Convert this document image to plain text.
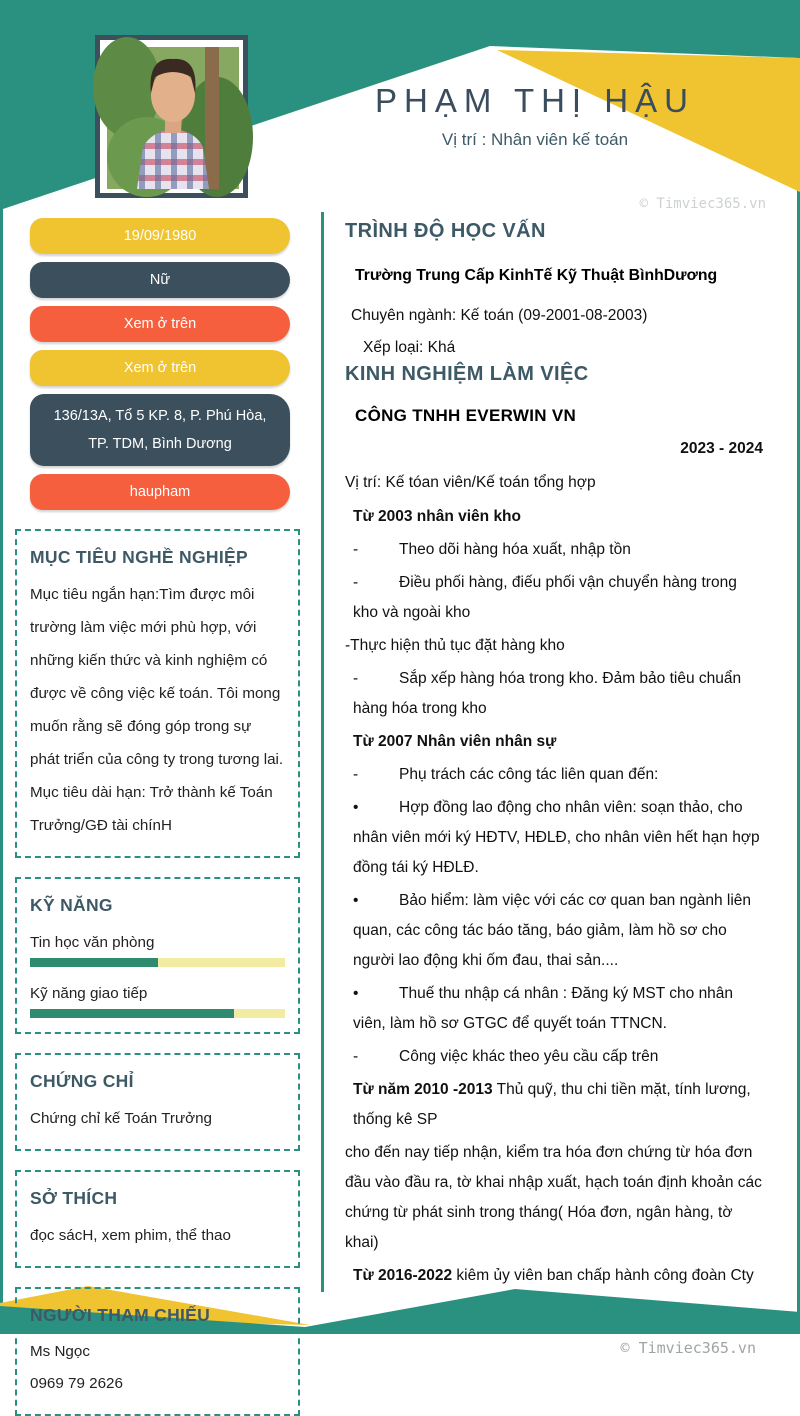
PHẠM THỊ HẬU
Vị trí : Nhân viên kế toán
© Timviec365.vn
19/09/1980
Nữ
Xem ở trên
Xem ở trên
136/13A, Tổ 5 KP. 8, P. Phú Hòa,
TP. TDM, Bình Dương
haupham
MỤC TIÊU NGHỀ NGHIỆP

Mục tiêu ngắn hạn:Tìm được môi trường làm việc mới phù hợp, với những kiến thức và kinh nghiệm có được về công việc kế toán. Tôi mong muốn rằng sẽ đóng góp trong sự phát triển của công ty trong tương lai.

Mục tiêu dài hạn: Trở thành kế Toán Trưởng/GĐ tài chínH

KỸ NĂNG
Tin học văn phòng
Kỹ năng giao tiếp
CHỨNG CHỈ

Chứng chỉ kế Toán Trưởng

SỞ THÍCH

đọc sácH, xem phim, thể thao

NGƯỜI THAM CHIẾU
Ms Ngọc
0969 79 2626
TRÌNH ĐỘ HỌC VẤN
Trường Trung Cấp KinhTế Kỹ Thuật BìnhDương
Chuyên ngành: Kế toán (09-2001-08-2003)
Xếp loại: Khá
KINH NGHIỆM LÀM VIỆC
CÔNG TNHH EVERWIN VN
2023 - 2024
Vị trí: Kế tóan viên/Kế toán tổng hợp
Từ 2003 nhân viên kho
-	Theo dõi hàng hóa xuất, nhập tồn
-	Điều phối hàng, điếu phối vận chuyển hàng trong kho và ngoài kho
-Thực hiện thủ tục đặt hàng kho
-	Sắp xếp hàng hóa trong kho. Đảm bảo tiêu chuẩn hàng hóa trong kho
Từ 2007 Nhân viên nhân sự
-	Phụ trách các công tác liên quan đến:
•	Hợp đồng lao động cho nhân viên: soạn thảo, cho nhân viên mới ký HĐTV, HĐLĐ, cho nhân viên hết hạn hợp đồng tái ký HĐLĐ.
•	Bảo hiểm: làm việc với các cơ quan ban ngành liên quan, các công tác báo tăng, báo giảm, làm hồ sơ cho người lao động khi ốm đau, thai sản....
•	Thuế thu nhập cá nhân : Đăng ký MST cho nhân viên, làm hồ sơ GTGC để quyết toán TTNCN.
-	Công việc khác theo yêu cầu cấp trên
Từ năm 2010 -2013 Thủ quỹ, thu chi tiền mặt, tính lương, thống kê SP
cho đến nay tiếp nhận, kiểm tra hóa đơn chứng từ hóa đơn đầu vào đầu ra, tờ khai nhập xuất, hạch toán định khoản các chứng từ phát sinh trong tháng( Hóa đơn, ngân hàng, tờ khai)
Từ 2016-2022 kiêm ủy viên ban chấp hành công đoàn Cty
© Timviec365.vn
